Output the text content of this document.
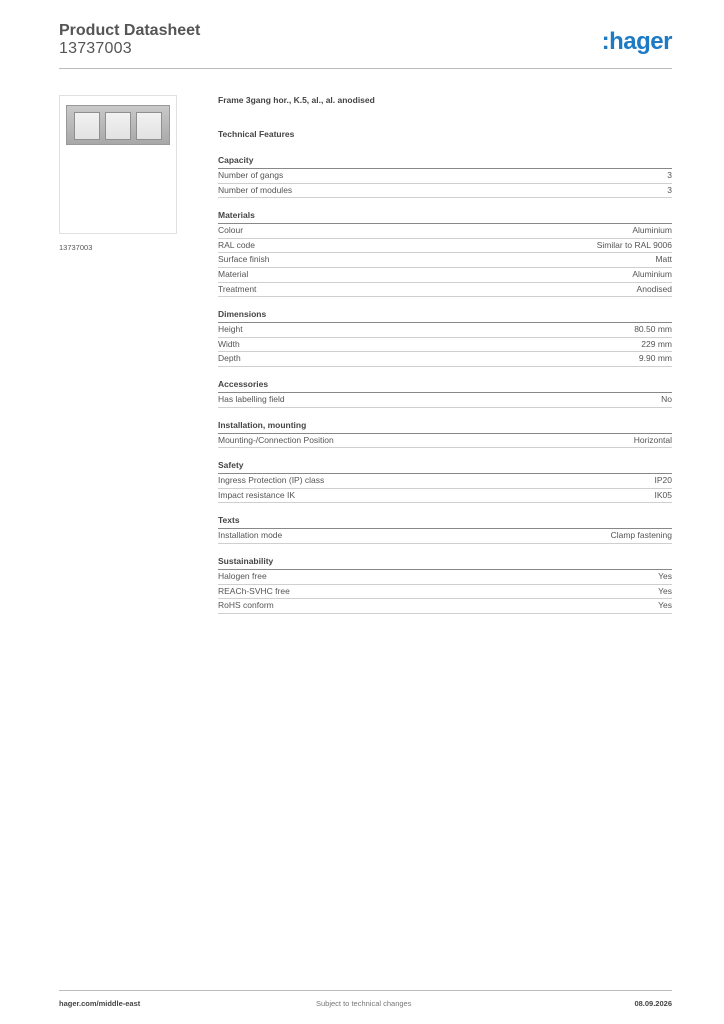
Product Datasheet
13737003	:hager
13737003
Frame 3gang hor., K.5, al., al. anodised
Technical Features
Capacity
Number of gangs	3
Number of modules	3
Materials
Colour	Aluminium
RAL code	Similar to RAL 9006
Surface finish	Matt
Material	Aluminium
Treatment	Anodised
Dimensions
Height	80.50 mm
Width	229 mm
Depth	9.90 mm
Accessories
Has labelling field	No
Installation, mounting
Mounting-/Connection Position	Horizontal
Safety
Ingress Protection (IP) class	IP20
Impact resistance IK	IK05
Texts
Installation mode	Clamp fastening
Sustainability
Halogen free	Yes
REACh-SVHC free	Yes
RoHS conform	Yes
hager.com/middle-east	Subject to technical changes	08.09.2026
